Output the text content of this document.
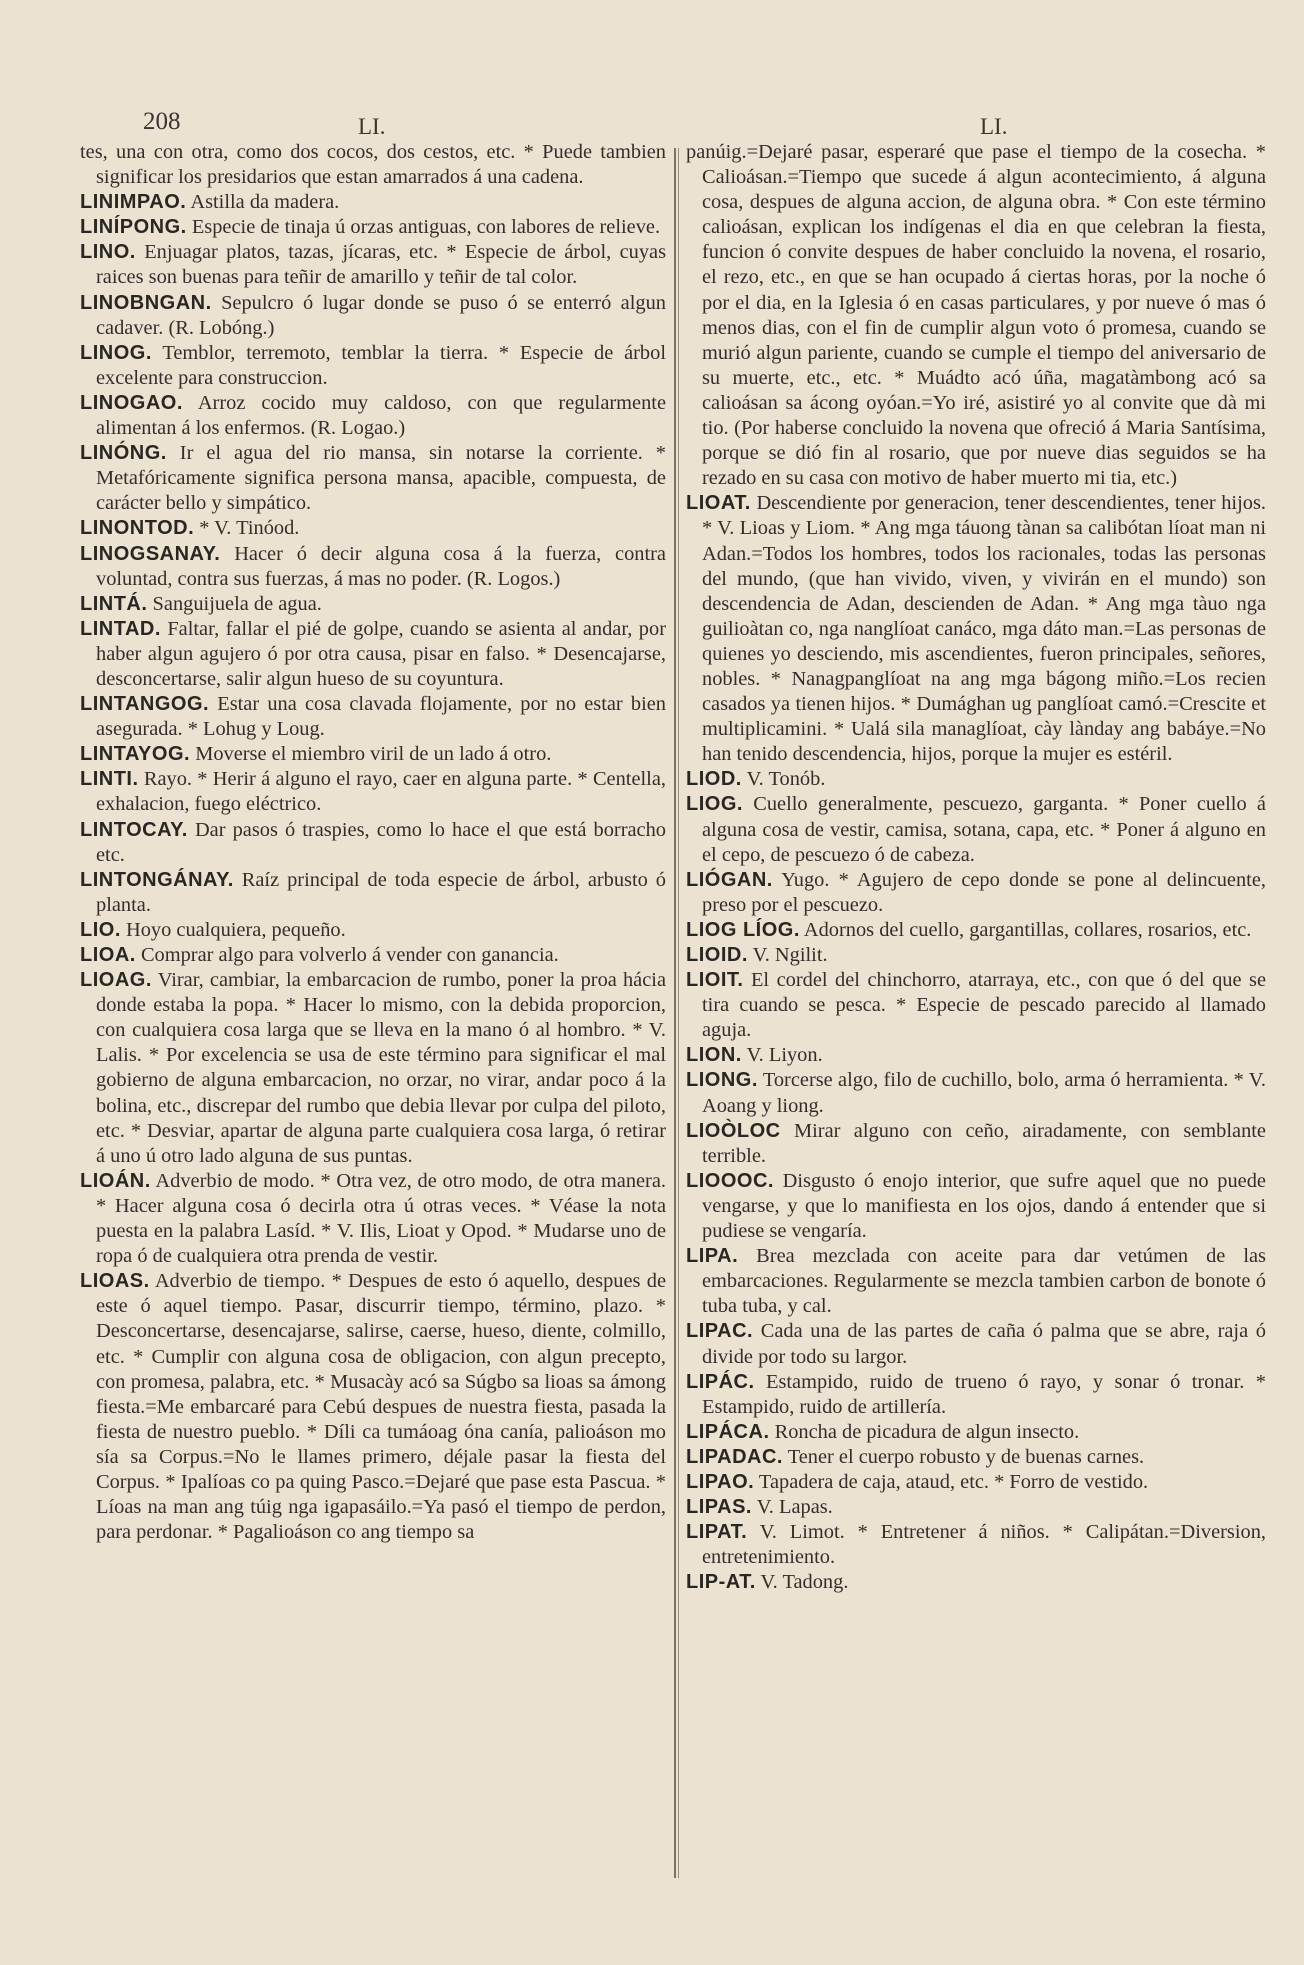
208	LI.	LI.

tes, una con otra, como dos cocos, dos cestos, etc. * Puede tambien significar los presidarios que estan amarrados á una cadena.

LINIMPAO. Astilla da madera.

LINÍPONG. Especie de tinaja ú orzas antiguas, con labores de relieve.

LINO. Enjuagar platos, tazas, jícaras, etc. * Especie de árbol, cuyas raices son buenas para teñir de amarillo y teñir de tal color.

LINOBNGAN. Sepulcro ó lugar donde se puso ó se enterró algun cadaver. (R. Lobóng.)

LINOG. Temblor, terremoto, temblar la tierra. * Especie de árbol excelente para construccion.

LINOGAO. Arroz cocido muy caldoso, con que regularmente alimentan á los enfermos. (R. Logao.)

LINÓNG. Ir el agua del rio mansa, sin notarse la corriente. * Metafóricamente significa persona mansa, apacible, compuesta, de carácter bello y simpático.

LINONTOD. * V. Tinóod.

LINOGSANAY. Hacer ó decir alguna cosa á la fuerza, contra voluntad, contra sus fuerzas, á mas no poder. (R. Logos.)

LINTÁ. Sanguijuela de agua.

LINTAD. Faltar, fallar el pié de golpe, cuando se asienta al andar, por haber algun agujero ó por otra causa, pisar en falso. * Desencajarse, desconcertarse, salir algun hueso de su coyuntura.

LINTANGOG. Estar una cosa clavada flojamente, por no estar bien asegurada. * Lohug y Loug.

LINTAYOG. Moverse el miembro viril de un lado á otro.

LINTI. Rayo. * Herir á alguno el rayo, caer en alguna parte. * Centella, exhalacion, fuego eléctrico.

LINTOCAY. Dar pasos ó traspies, como lo hace el que está borracho etc.

LINTONGÁNAY. Raíz principal de toda especie de árbol, arbusto ó planta.

LIO. Hoyo cualquiera, pequeño.

LIOA. Comprar algo para volverlo á vender con ganancia.

LIOAG. Virar, cambiar, la embarcacion de rumbo, poner la proa hácia donde estaba la popa. * Hacer lo mismo, con la debida proporcion, con cualquiera cosa larga que se lleva en la mano ó al hombro. * V. Lalis. * Por excelencia se usa de este término para significar el mal gobierno de alguna embarcacion, no orzar, no virar, andar poco á la bolina, etc., discrepar del rumbo que debia llevar por culpa del piloto, etc. * Desviar, apartar de alguna parte cualquiera cosa larga, ó retirar á uno ú otro lado alguna de sus puntas.

LIOÁN. Adverbio de modo. * Otra vez, de otro modo, de otra manera. * Hacer alguna cosa ó decirla otra ú otras veces. * Véase la nota puesta en la palabra Lasíd. * V. Ilis, Lioat y Opod. * Mudarse uno de ropa ó de cualquiera otra prenda de vestir.

LIOAS. Adverbio de tiempo. * Despues de esto ó aquello, despues de este ó aquel tiempo. Pasar, discurrir tiempo, término, plazo. * Desconcertarse, desencajarse, salirse, caerse, hueso, diente, colmillo, etc. * Cumplir con alguna cosa de obligacion, con algun precepto, con promesa, palabra, etc. * Musacày acó sa Súgbo sa lioas sa ámong fiesta.=Me embarcaré para Cebú despues de nuestra fiesta, pasada la fiesta de nuestro pueblo. * Díli ca tumáoag óna canía, palioáson mo sía sa Corpus.=No le llames primero, déjale pasar la fiesta del Corpus. * Ipalíoas co pa quing Pasco.=Dejaré que pase esta Pascua. * Líoas na man ang túig nga igapasáilo.=Ya pasó el tiempo de perdon, para perdonar. * Pagalioáson co ang tiempo sa

panúig.=Dejaré pasar, esperaré que pase el tiempo de la cosecha. * Calioásan.=Tiempo que sucede á algun acontecimiento, á alguna cosa, despues de alguna accion, de alguna obra. * Con este término calioásan, explican los indígenas el dia en que celebran la fiesta, funcion ó convite despues de haber concluido la novena, el rosario, el rezo, etc., en que se han ocupado á ciertas horas, por la noche ó por el dia, en la Iglesia ó en casas particulares, y por nueve ó mas ó menos dias, con el fin de cumplir algun voto ó promesa, cuando se murió algun pariente, cuando se cumple el tiempo del aniversario de su muerte, etc., etc. * Muádto acó úña, magatàmbong acó sa calioásan sa ácong oyóan.=Yo iré, asistiré yo al convite que dà mi tio. (Por haberse concluido la novena que ofreció á Maria Santísima, porque se dió fin al rosario, que por nueve dias seguidos se ha rezado en su casa con motivo de haber muerto mi tia, etc.)

LIOAT. Descendiente por generacion, tener descendientes, tener hijos. * V. Lioas y Liom. * Ang mga táuong tànan sa calibótan líoat man ni Adan.=Todos los hombres, todos los racionales, todas las personas del mundo, (que han vivido, viven, y vivirán en el mundo) son descendencia de Adan, descienden de Adan. * Ang mga tàuo nga guilioàtan co, nga nanglíoat canáco, mga dáto man.=Las personas de quienes yo desciendo, mis ascendientes, fueron principales, señores, nobles. * Nanagpanglíoat na ang mga bágong miño.=Los recien casados ya tienen hijos. * Dumághan ug panglíoat camó.=Crescite et multiplicamini. * Ualá sila managlíoat, cày lànday ang babáye.=No han tenido descendencia, hijos, porque la mujer es estéril.

LIOD. V. Tonób.

LIOG. Cuello generalmente, pescuezo, garganta. * Poner cuello á alguna cosa de vestir, camisa, sotana, capa, etc. * Poner á alguno en el cepo, de pescuezo ó de cabeza.

LIÓGAN. Yugo. * Agujero de cepo donde se pone al delincuente, preso por el pescuezo.

LIOG LÍOG. Adornos del cuello, gargantillas, collares, rosarios, etc.

LIOID. V. Ngilit.

LIOIT. El cordel del chinchorro, atarraya, etc., con que ó del que se tira cuando se pesca. * Especie de pescado parecido al llamado aguja.

LION. V. Liyon.

LIONG. Torcerse algo, filo de cuchillo, bolo, arma ó herramienta. * V. Aoang y liong.

LIOÒLOC Mirar alguno con ceño, airadamente, con semblante terrible.

LIOOOC. Disgusto ó enojo interior, que sufre aquel que no puede vengarse, y que lo manifiesta en los ojos, dando á entender que si pudiese se vengaría.

LIPA. Brea mezclada con aceite para dar vetúmen de las embarcaciones. Regularmente se mezcla tambien carbon de bonote ó tuba tuba, y cal.

LIPAC. Cada una de las partes de caña ó palma que se abre, raja ó divide por todo su largor.

LIPÁC. Estampido, ruido de trueno ó rayo, y sonar ó tronar. * Estampido, ruido de artillería.

LIPÁCA. Roncha de picadura de algun insecto.

LIPADAC. Tener el cuerpo robusto y de buenas carnes.

LIPAO. Tapadera de caja, ataud, etc. * Forro de vestido.

LIPAS. V. Lapas.

LIPAT. V. Limot. * Entretener á niños. * Calipátan.=Diversion, entretenimiento.

LIP-AT. V. Tadong.
